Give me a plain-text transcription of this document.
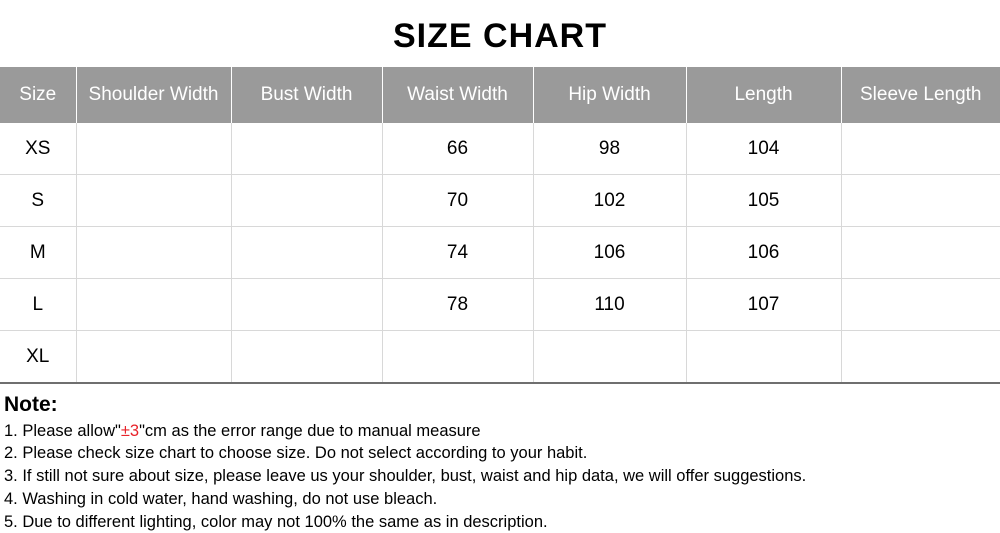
SIZE CHART
Size	Shoulder Width	Bust Width	Waist Width	Hip Width	Length	Sleeve Length
XS			66	98	104	
S			70	102	105	
M			74	106	106	
L			78	110	107	
XL						
Note:
1. Please allow"±3"cm as the error range due to manual measure
2. Please check size chart to choose size. Do not select according to your habit.
3. If still not sure about size, please leave us your shoulder, bust, waist and hip data, we will offer suggestions.
4. Washing in cold water, hand washing, do not use bleach.
5. Due to different lighting, color may not 100% the same as in description.
